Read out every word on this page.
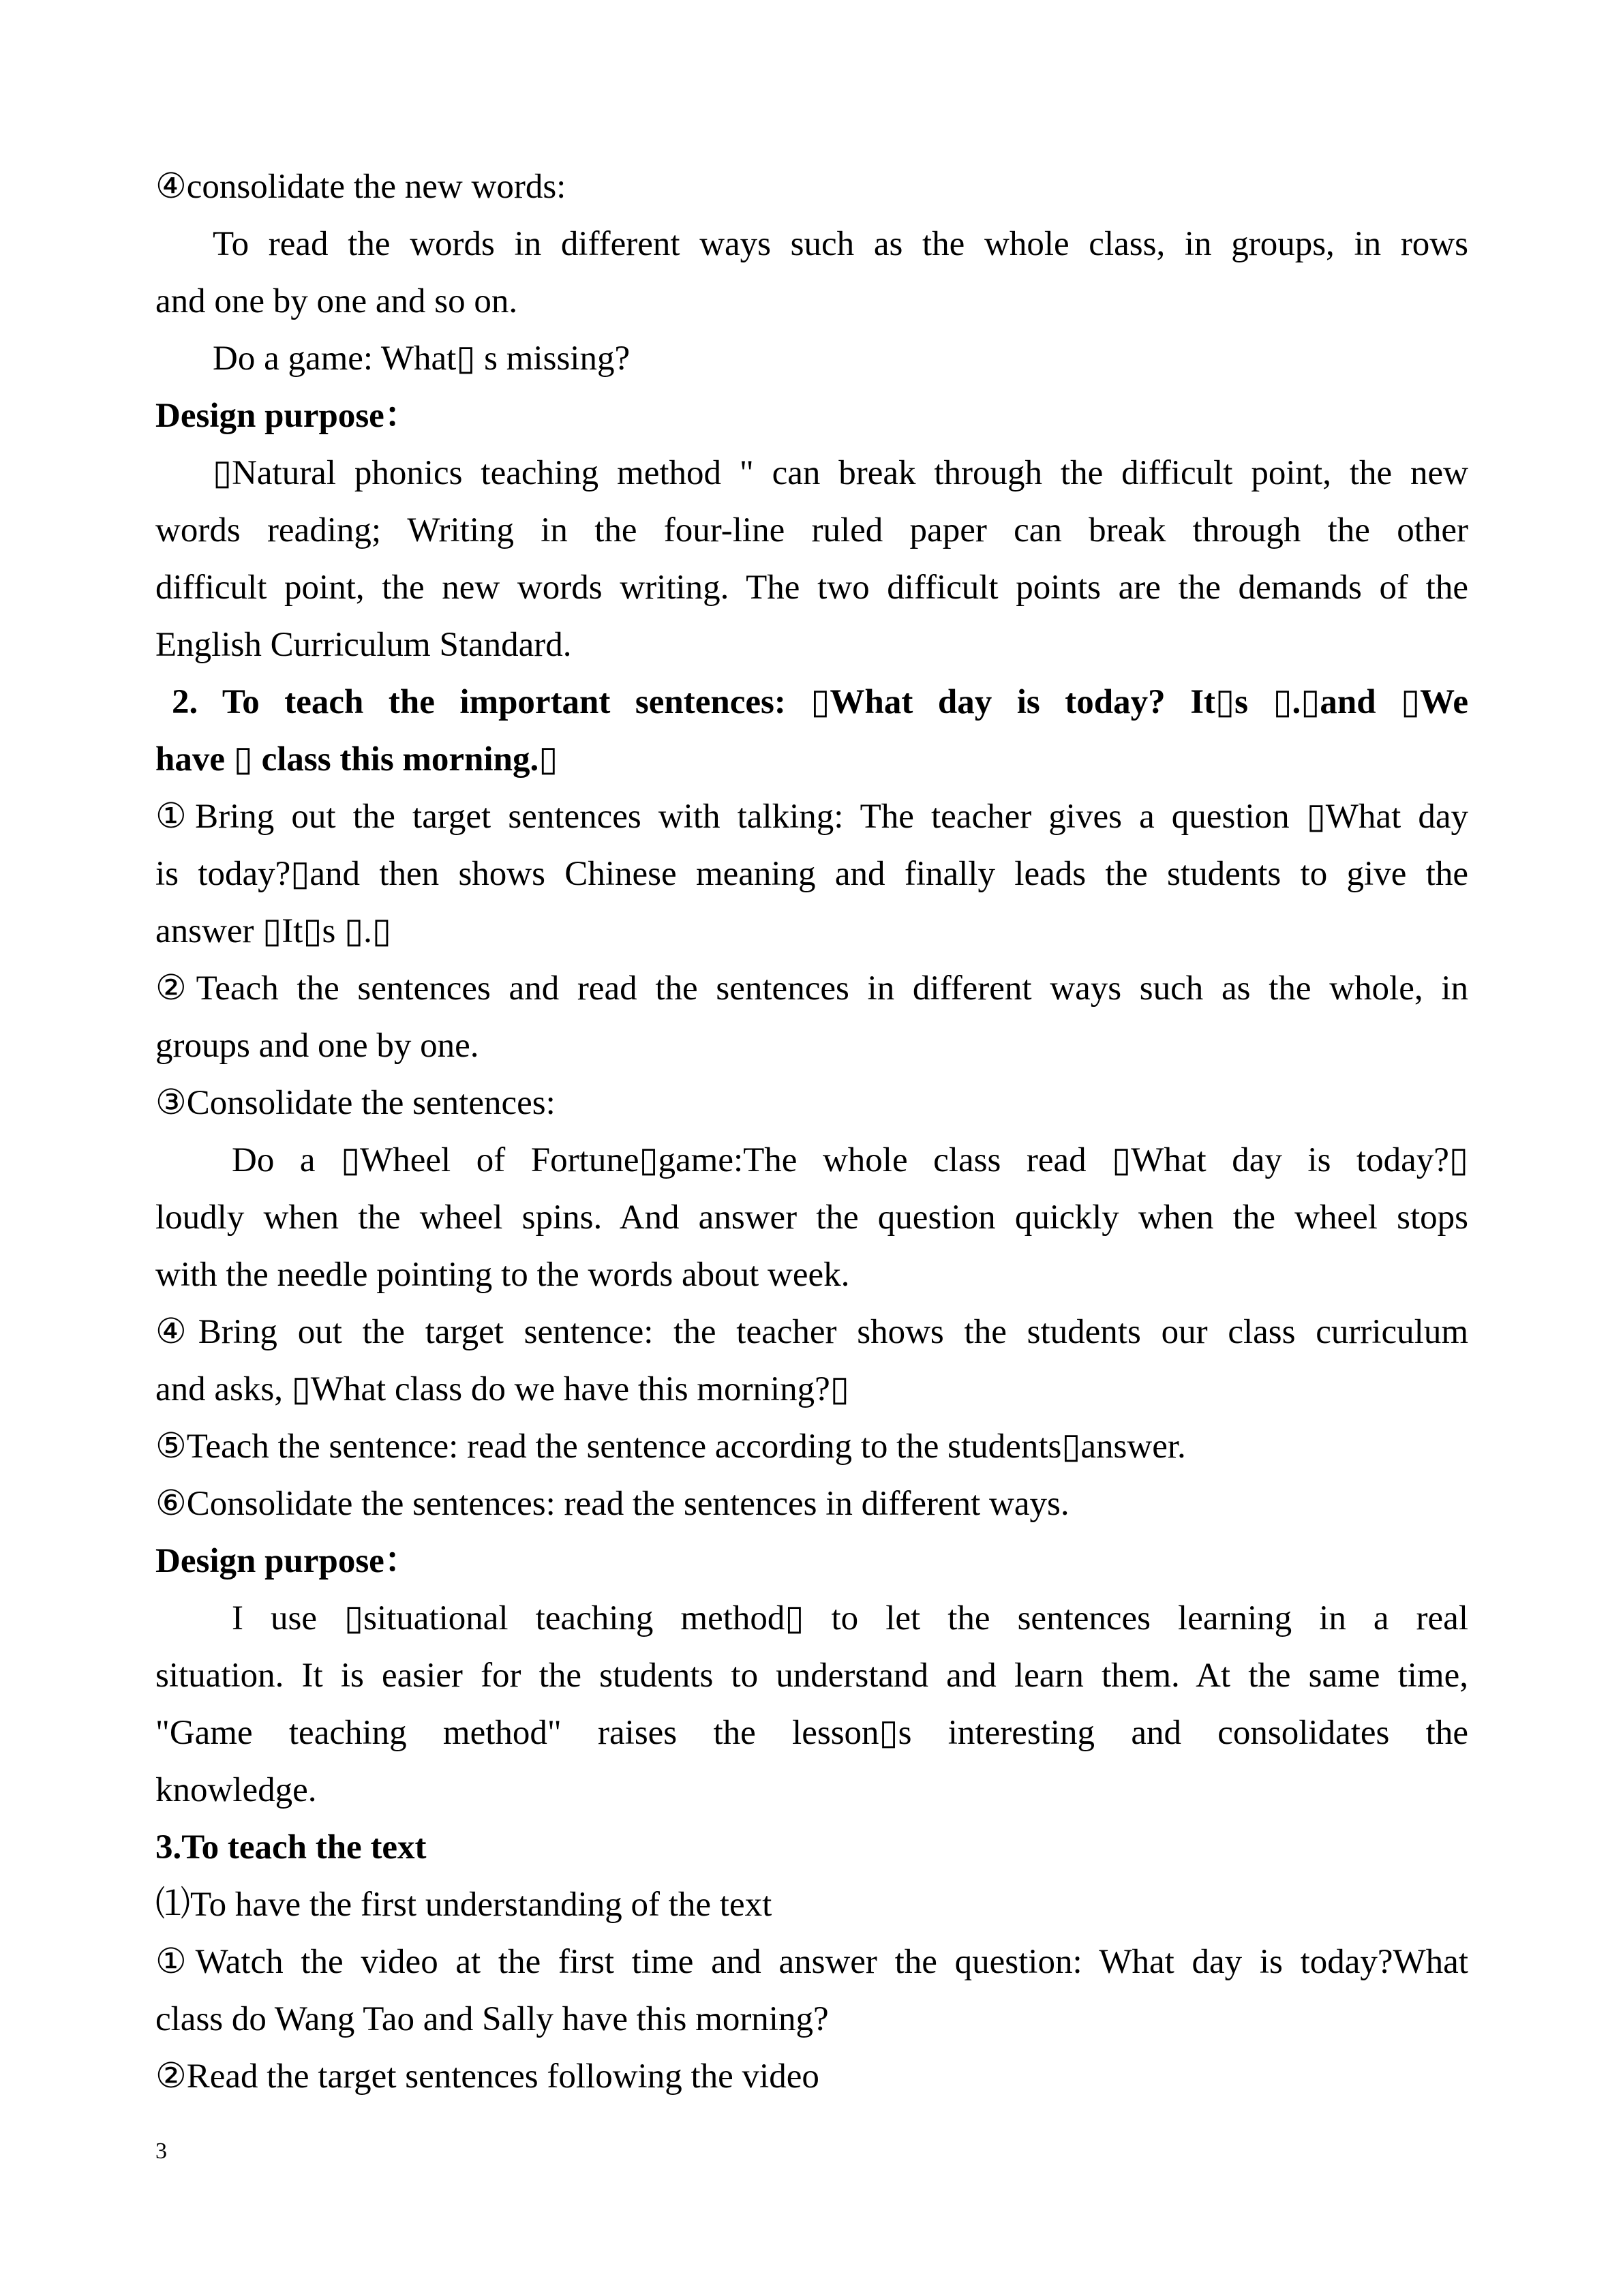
④consolidate the new words:
To read the words in different ways such as the whole class, in groups, in rows
and one by one and so on.
Do a game: What▯ s missing?
Design purpose：
▯Natural phonics teaching method " can break through the difficult point, the new
words reading; Writing in the four-line ruled paper can break through the other
difficult point, the new words writing. The two difficult points are the demands of the
English Curriculum Standard.
2. To teach the important sentences: ▯What day is today? It▯s ▯.▯and ▯We
have ▯ class this morning.▯
①Bring out the target sentences with talking: The teacher gives a question ▯What day
is today?▯and then shows Chinese meaning and finally leads the students to give the
answer ▯It▯s ▯.▯
②Teach the sentences and read the sentences in different ways such as the whole, in
groups and one by one.
③Consolidate the sentences:
Do a ▯Wheel of Fortune▯game:The whole class read ▯What day is today?▯
loudly when the wheel spins. And answer the question quickly when the wheel stops
with the needle pointing to the words about week.
④Bring out the target sentence: the teacher shows the students our class curriculum
and asks, ▯What class do we have this morning?▯
⑤Teach the sentence: read the sentence according to the students▯answer.
⑥Consolidate the sentences: read the sentences in different ways.
Design purpose：
I use ▯situational teaching method▯ to let the sentences learning in a real
situation. It is easier for the students to understand and learn them. At the same time,
"Game teaching method" raises the lesson▯s interesting and consolidates the
knowledge.
3.To teach the text
⑴To have the first understanding of the text
①Watch the video at the first time and answer the question: What day is today?What
class do Wang Tao and Sally have this morning?
②Read the target sentences following the video
3
